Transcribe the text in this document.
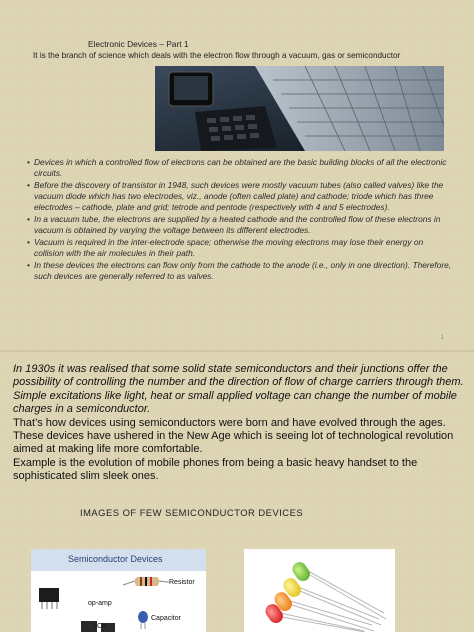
Electronic Devices – Part 1
It is the branch of science which deals with the electron flow through a vacuum, gas or semiconductor
• Devices in which a controlled flow of electrons can be obtained are the basic building blocks of all the electronic circuits.
• Before the discovery of transistor in 1948, such devices were mostly vacuum tubes (also called valves) like the vacuum diode which has two electrodes, viz., anode (often called plate) and cathode; triode which has three electrodes – cathode, plate and grid; tetrode and pentode (respectively with 4 and 5 electrodes).
• In a vacuum tube, the electrons are supplied by a heated cathode and the controlled flow of these electrons in vacuum is obtained by varying the voltage between its different electrodes.
• Vacuum is required in the inter-electrode space; otherwise the moving electrons may lose their energy on collision with the air molecules in their path.
• In these devices the electrons can flow only from the cathode to the anode (i.e., only in one direction). Therefore, such devices are generally referred to as valves.
1

In 1930s it was realised that some solid state semiconductors and their junctions offer the possibility of controlling the number and the direction of flow of charge carriers through them. Simple excitations like light, heat or small applied voltage can change the number of mobile charges in a semiconductor.

That’s how devices using semiconductors were born and have evolved through the ages. These devices have ushered in the New Age which is seeing lot of technological revolution aimed at making life more comfortable.

Example is the evolution of mobile phones from being a basic heavy handset to the sophisticated slim sleek ones.

IMAGES OF FEW SEMICONDUCTOR DEVICES
Semiconductor Devices
Resistor
op-amp
Capacitor
ICs
